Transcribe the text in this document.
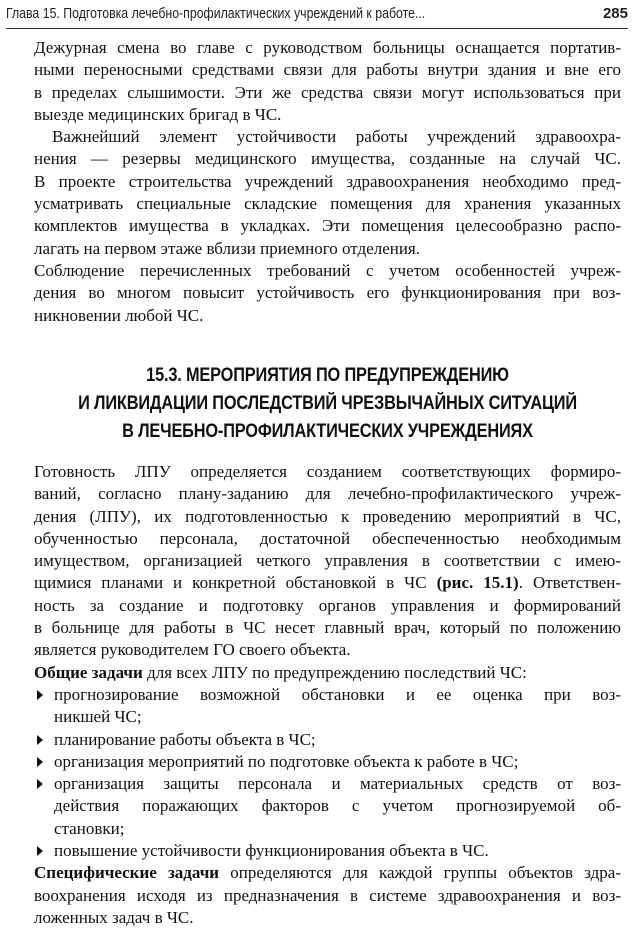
Глава 15. Подготовка лечебно-профилактических учреждений к работе...	285

Дежурная смена во главе с руководством больницы оснащается портатив-
ными переносными средствами связи для работы внутри здания и вне его
в пределах слышимости. Эти же средства связи могут использоваться при
выезде медицинских бригад в ЧС.

Важнейший элемент устойчивости работы учреждений здравоохра-
нения — резервы медицинского имущества, созданные на случай ЧС.
В проекте строительства учреждений здравоохранения необходимо пред-
усматривать специальные складские помещения для хранения указанных
комплектов имущества в укладках. Эти помещения целесообразно распо-
лагать на первом этаже вблизи приемного отделения.

Соблюдение перечисленных требований с учетом особенностей учреж-
дения во многом повысит устойчивость его функционирования при воз-
никновении любой ЧС.

15.3. МЕРОПРИЯТИЯ ПО ПРЕДУПРЕЖДЕНИЮ
И ЛИКВИДАЦИИ ПОСЛЕДСТВИЙ ЧРЕЗВЫЧАЙНЫХ СИТУАЦИЙ
В ЛЕЧЕБНО-ПРОФИЛАКТИЧЕСКИХ УЧРЕЖДЕНИЯХ

Готовность ЛПУ определяется созданием соответствующих формиро-
ваний, согласно плану-заданию для лечебно-профилактического учреж-
дения (ЛПУ), их подготовленностью к проведению мероприятий в ЧС,
обученностью персонала, достаточной обеспеченностью необходимым
имуществом, организацией четкого управления в соответствии с имею-
щимися планами и конкретной обстановкой в ЧС (рис. 15.1). Ответствен-
ность за создание и подготовку органов управления и формирований
в больнице для работы в ЧС несет главный врач, который по положению
является руководителем ГО своего объекта.

Общие задачи для всех ЛПУ по предупреждению последствий ЧС:

прогнозирование возможной обстановки и ее оценка при воз-
никшей ЧС;
планирование работы объекта в ЧС;
организация мероприятий по подготовке объекта к работе в ЧС;
организация защиты персонала и материальных средств от воз-
действия поражающих факторов с учетом прогнозируемой об-
становки;
повышение устойчивости функционирования объекта в ЧС.

Специфические задачи определяются для каждой группы объектов здра-
воохранения исходя из предназначения в системе здравоохранения и воз-
ложенных задач в ЧС.
